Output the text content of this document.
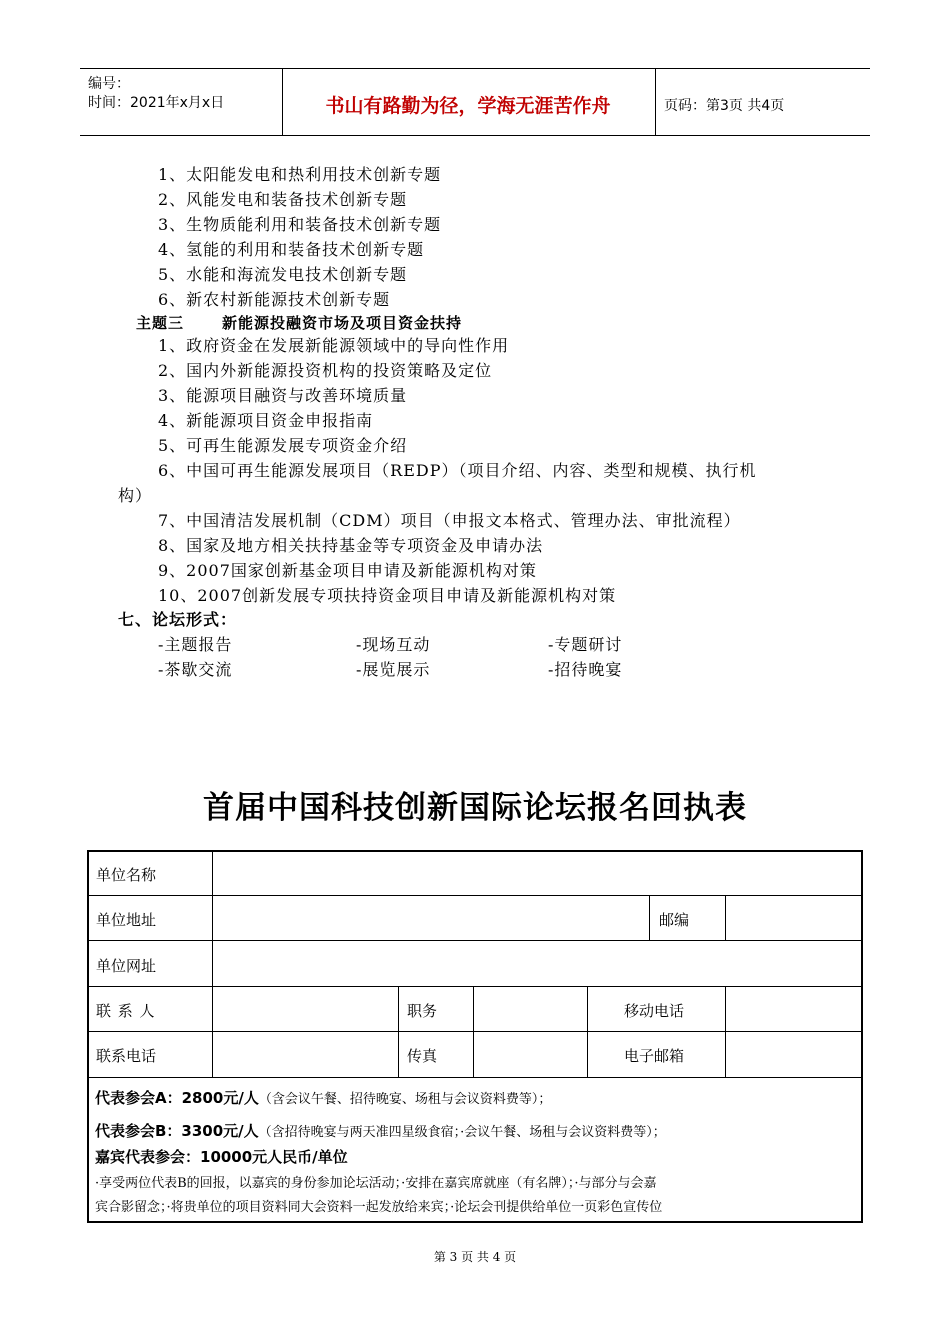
编号：
时间：2021年x月x日	书山有路勤为径，学海无涯苦作舟	页码：第3页 共4页
1、太阳能发电和热利用技术创新专题
2、风能发电和装备技术创新专题
3、生物质能利用和装备技术创新专题
4、氢能的利用和装备技术创新专题
5、水能和海流发电技术创新专题
6、新农村新能源技术创新专题
主题三	新能源投融资市场及项目资金扶持
1、政府资金在发展新能源领域中的导向性作用
2、国内外新能源投资机构的投资策略及定位
3、能源项目融资与改善环境质量
4、新能源项目资金申报指南
5、可再生能源发展专项资金介绍
6、中国可再生能源发展项目（REDP）（项目介绍、内容、类型和规模、执行机
构）
7、中国清洁发展机制（CDM）项目（申报文本格式、管理办法、审批流程）
8、国家及地方相关扶持基金等专项资金及申请办法
9、2007国家创新基金项目申请及新能源机构对策
10、2007创新发展专项扶持资金项目申请及新能源机构对策
七、论坛形式：
-主题报告	-现场互动	-专题研讨
-茶歇交流	-展览展示	-招待晚宴
首届中国科技创新国际论坛报名回执表
单位名称
单位地址	邮编
单位网址
联 系 人	职务	移动电话
联系电话	传真	电子邮箱
代表参会A：2800元/人（含会议午餐、招待晚宴、场租与会议资料费等）；
代表参会B：3300元/人（含招待晚宴与两天准四星级食宿；·会议午餐、场租与会议资料费等）；
嘉宾代表参会：10000元人民币/单位
·享受两位代表B的回报，以嘉宾的身份参加论坛活动；·安排在嘉宾席就座（有名牌）；·与部分与会嘉
宾合影留念；·将贵单位的项目资料同大会资料一起发放给来宾；·论坛会刊提供给单位一页彩色宣传位
第 3 页 共 4 页
